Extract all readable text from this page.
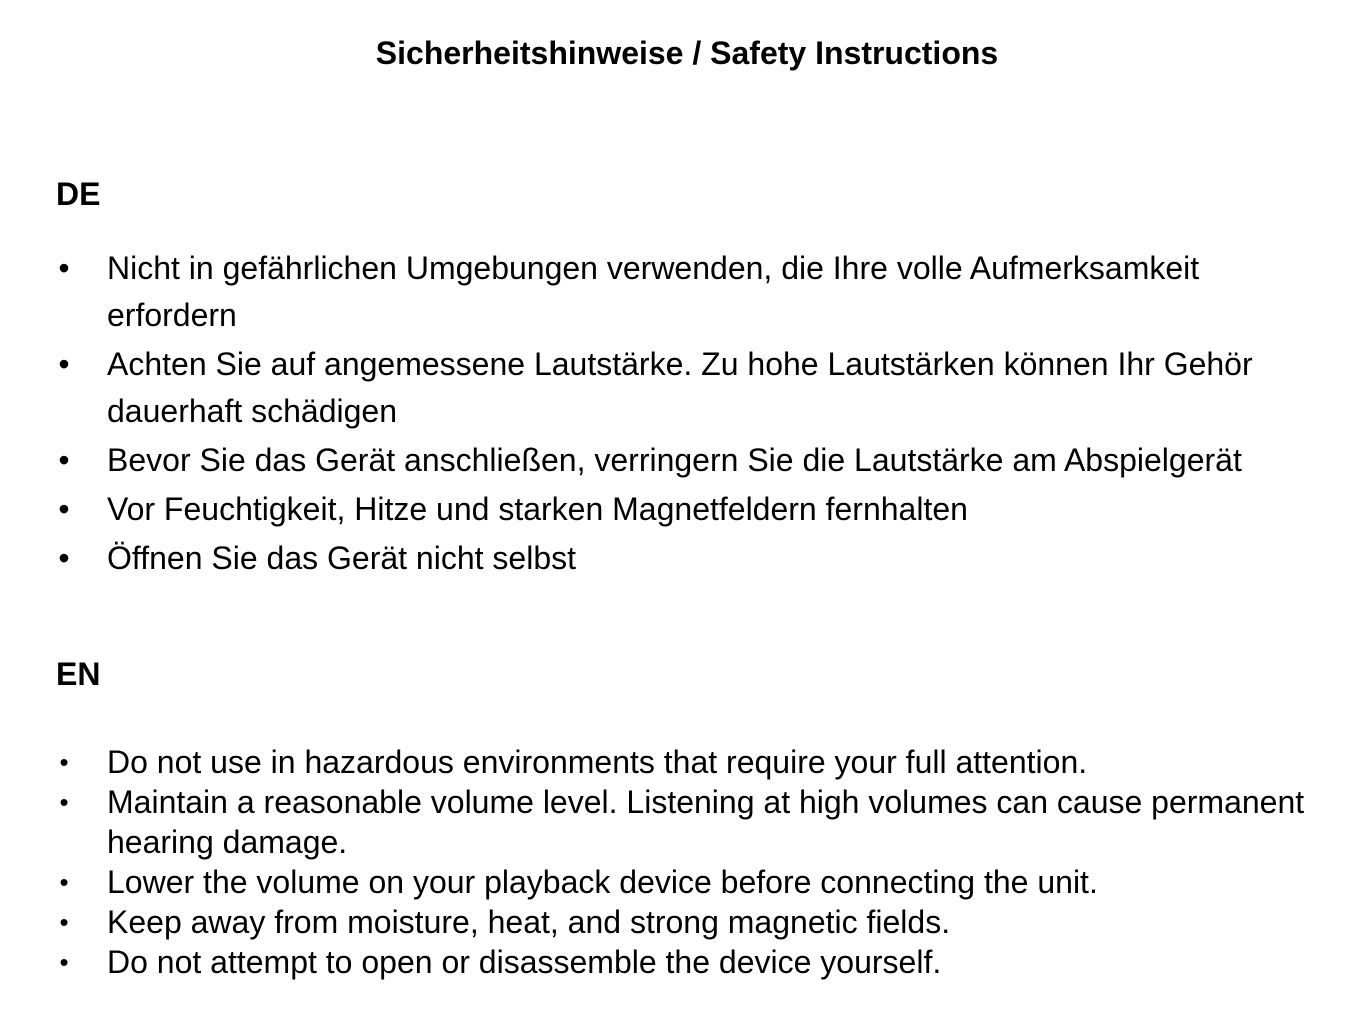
Sicherheitshinweise / Safety Instructions
DE
• Nicht in gefährlichen Umgebungen verwenden, die Ihre volle Aufmerksamkeit erfordern
• Achten Sie auf angemessene Lautstärke. Zu hohe Lautstärken können Ihr Gehör dauerhaft schädigen
• Bevor Sie das Gerät anschließen, verringern Sie die Lautstärke am Abspielgerät
• Vor Feuchtigkeit, Hitze und starken Magnetfeldern fernhalten
• Öffnen Sie das Gerät nicht selbst
EN
• Do not use in hazardous environments that require your full attention.
• Maintain a reasonable volume level. Listening at high volumes can cause permanent hearing damage.
• Lower the volume on your playback device before connecting the unit.
• Keep away from moisture, heat, and strong magnetic fields.
• Do not attempt to open or disassemble the device yourself.
